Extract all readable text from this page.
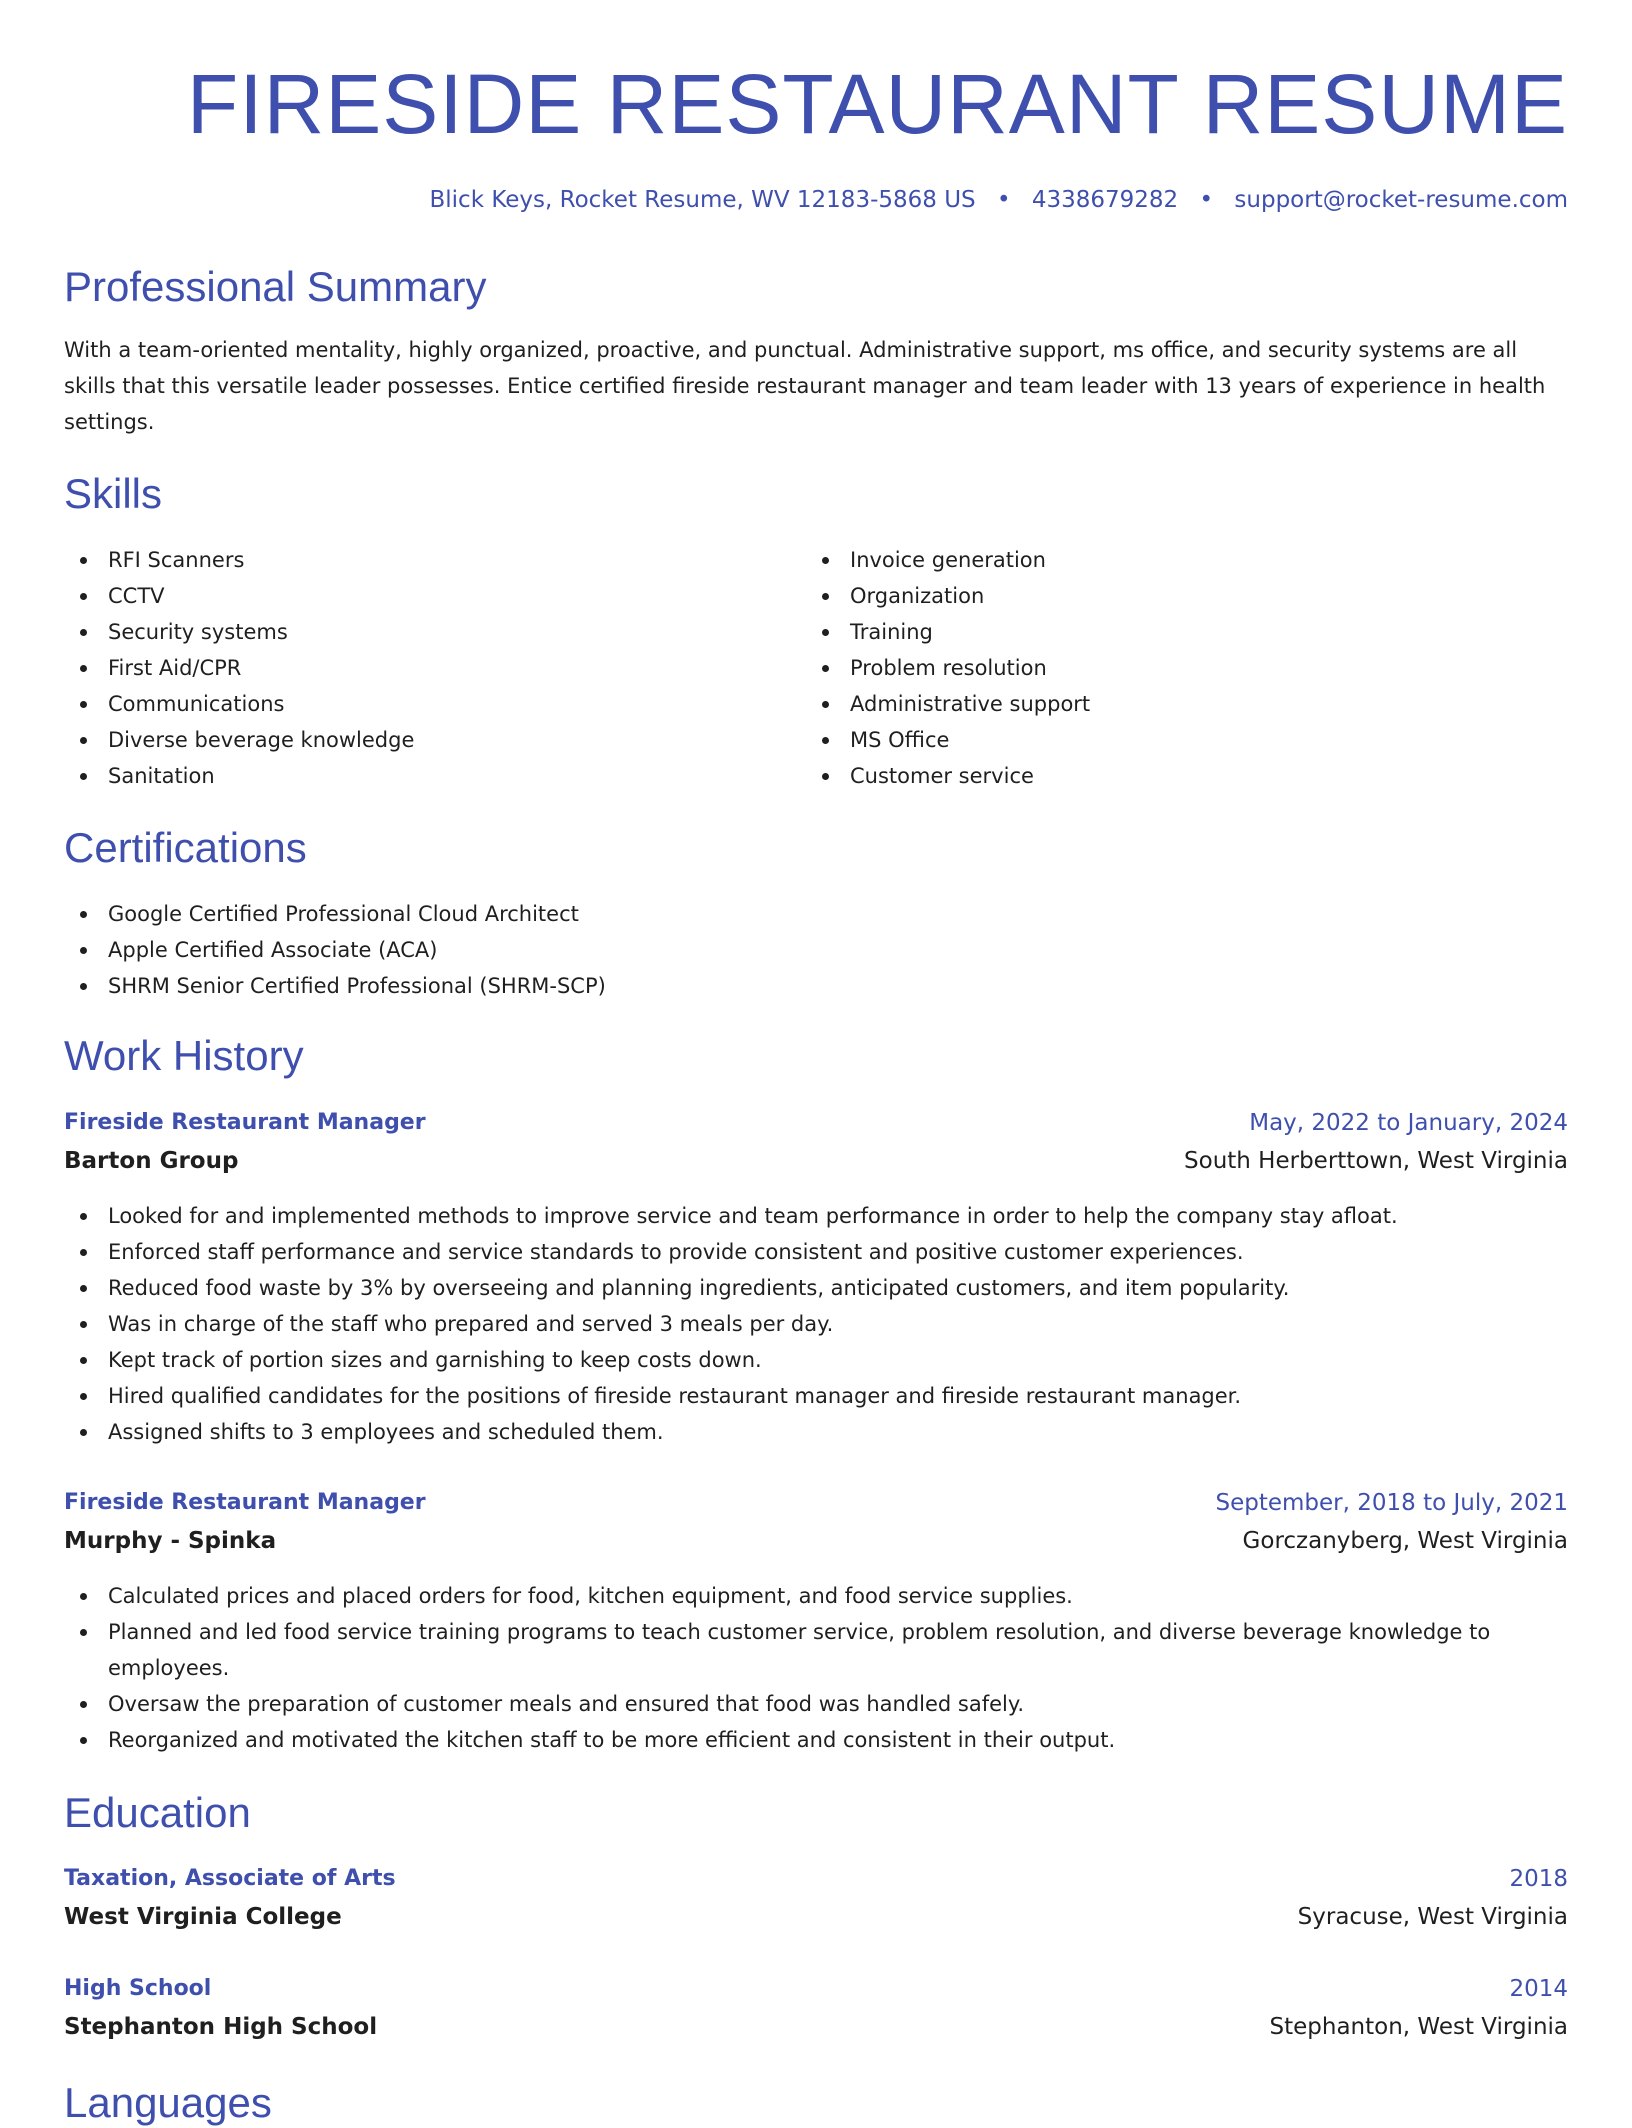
FIRESIDE RESTAURANT RESUME
Blick Keys, Rocket Resume, WV 12183-5868 US • 4338679282 • support@rocket-resume.com
Professional Summary

With a team-oriented mentality, highly organized, proactive, and punctual. Administrative support, ms office, and security systems are all skills that this versatile leader possesses. Entice certified fireside restaurant manager and team leader with 13 years of experience in health settings.

Skills
RFI Scanners
CCTV
Security systems
First Aid/CPR
Communications
Diverse beverage knowledge
Sanitation
Invoice generation
Organization
Training
Problem resolution
Administrative support
MS Office
Customer service
Certifications
Google Certified Professional Cloud Architect
Apple Certified Associate (ACA)
SHRM Senior Certified Professional (SHRM-SCP)
Work History
Fireside Restaurant Manager	May, 2022 to January, 2024
Barton Group	South Herberttown, West Virginia
Looked for and implemented methods to improve service and team performance in order to help the company stay afloat.
Enforced staff performance and service standards to provide consistent and positive customer experiences.
Reduced food waste by 3% by overseeing and planning ingredients, anticipated customers, and item popularity.
Was in charge of the staff who prepared and served 3 meals per day.
Kept track of portion sizes and garnishing to keep costs down.
Hired qualified candidates for the positions of fireside restaurant manager and fireside restaurant manager.
Assigned shifts to 3 employees and scheduled them.
Fireside Restaurant Manager	September, 2018 to July, 2021
Murphy - Spinka	Gorczanyberg, West Virginia
Calculated prices and placed orders for food, kitchen equipment, and food service supplies.
Planned and led food service training programs to teach customer service, problem resolution, and diverse beverage knowledge to employees.
Oversaw the preparation of customer meals and ensured that food was handled safely.
Reorganized and motivated the kitchen staff to be more efficient and consistent in their output.
Education
Taxation, Associate of Arts	2018
West Virginia College	Syracuse, West Virginia
High School	2014
Stephanton High School	Stephanton, West Virginia
Languages
